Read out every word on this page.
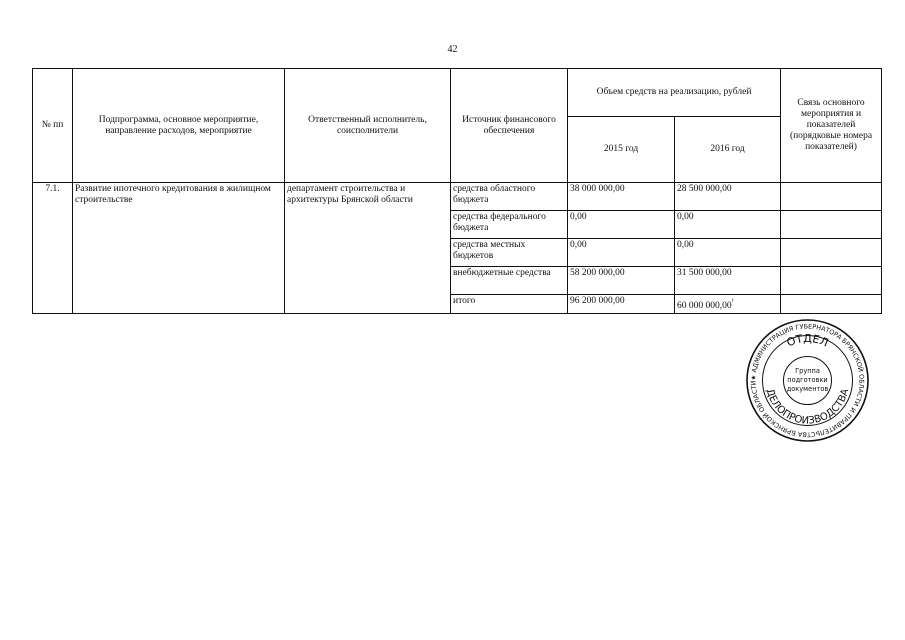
42
№ пп	Подпрограмма, основное мероприятие, направление расходов, мероприятие	Ответственный исполнитель, соисполнители	Источник финансового обеспечения	Объем средств на реализацию, рублей		Связь основного мероприятия и показателей (порядковые номера показателей)
				2015 год	2016 год	
7.1.	Развитие ипотечного кредитования в жилищном строительстве	департамент строительства и архитектуры Брянской области	средства областного бюджета	38 000 000,00	28 500 000,00	
			средства федерального бюджета	0,00	0,00	
			средства местных бюджетов	0,00	0,00	
			внебюджетные средства	58 200 000,00	31 500 000,00	
			итого	96 200 000,00	60 000 $000,00^ᶠ$	
★ АДМИНИСТРАЦИЯ ГУБЕРНАТОРА БРЯНСКОЙ ОБЛАСТИ И ПРАВИТЕЛЬСТВА БРЯНСКОЙ ОБЛАСТИ
ОТДЕЛ
ДЕЛОПРОИЗВОДСТВА
Группа
подготовки
документов
